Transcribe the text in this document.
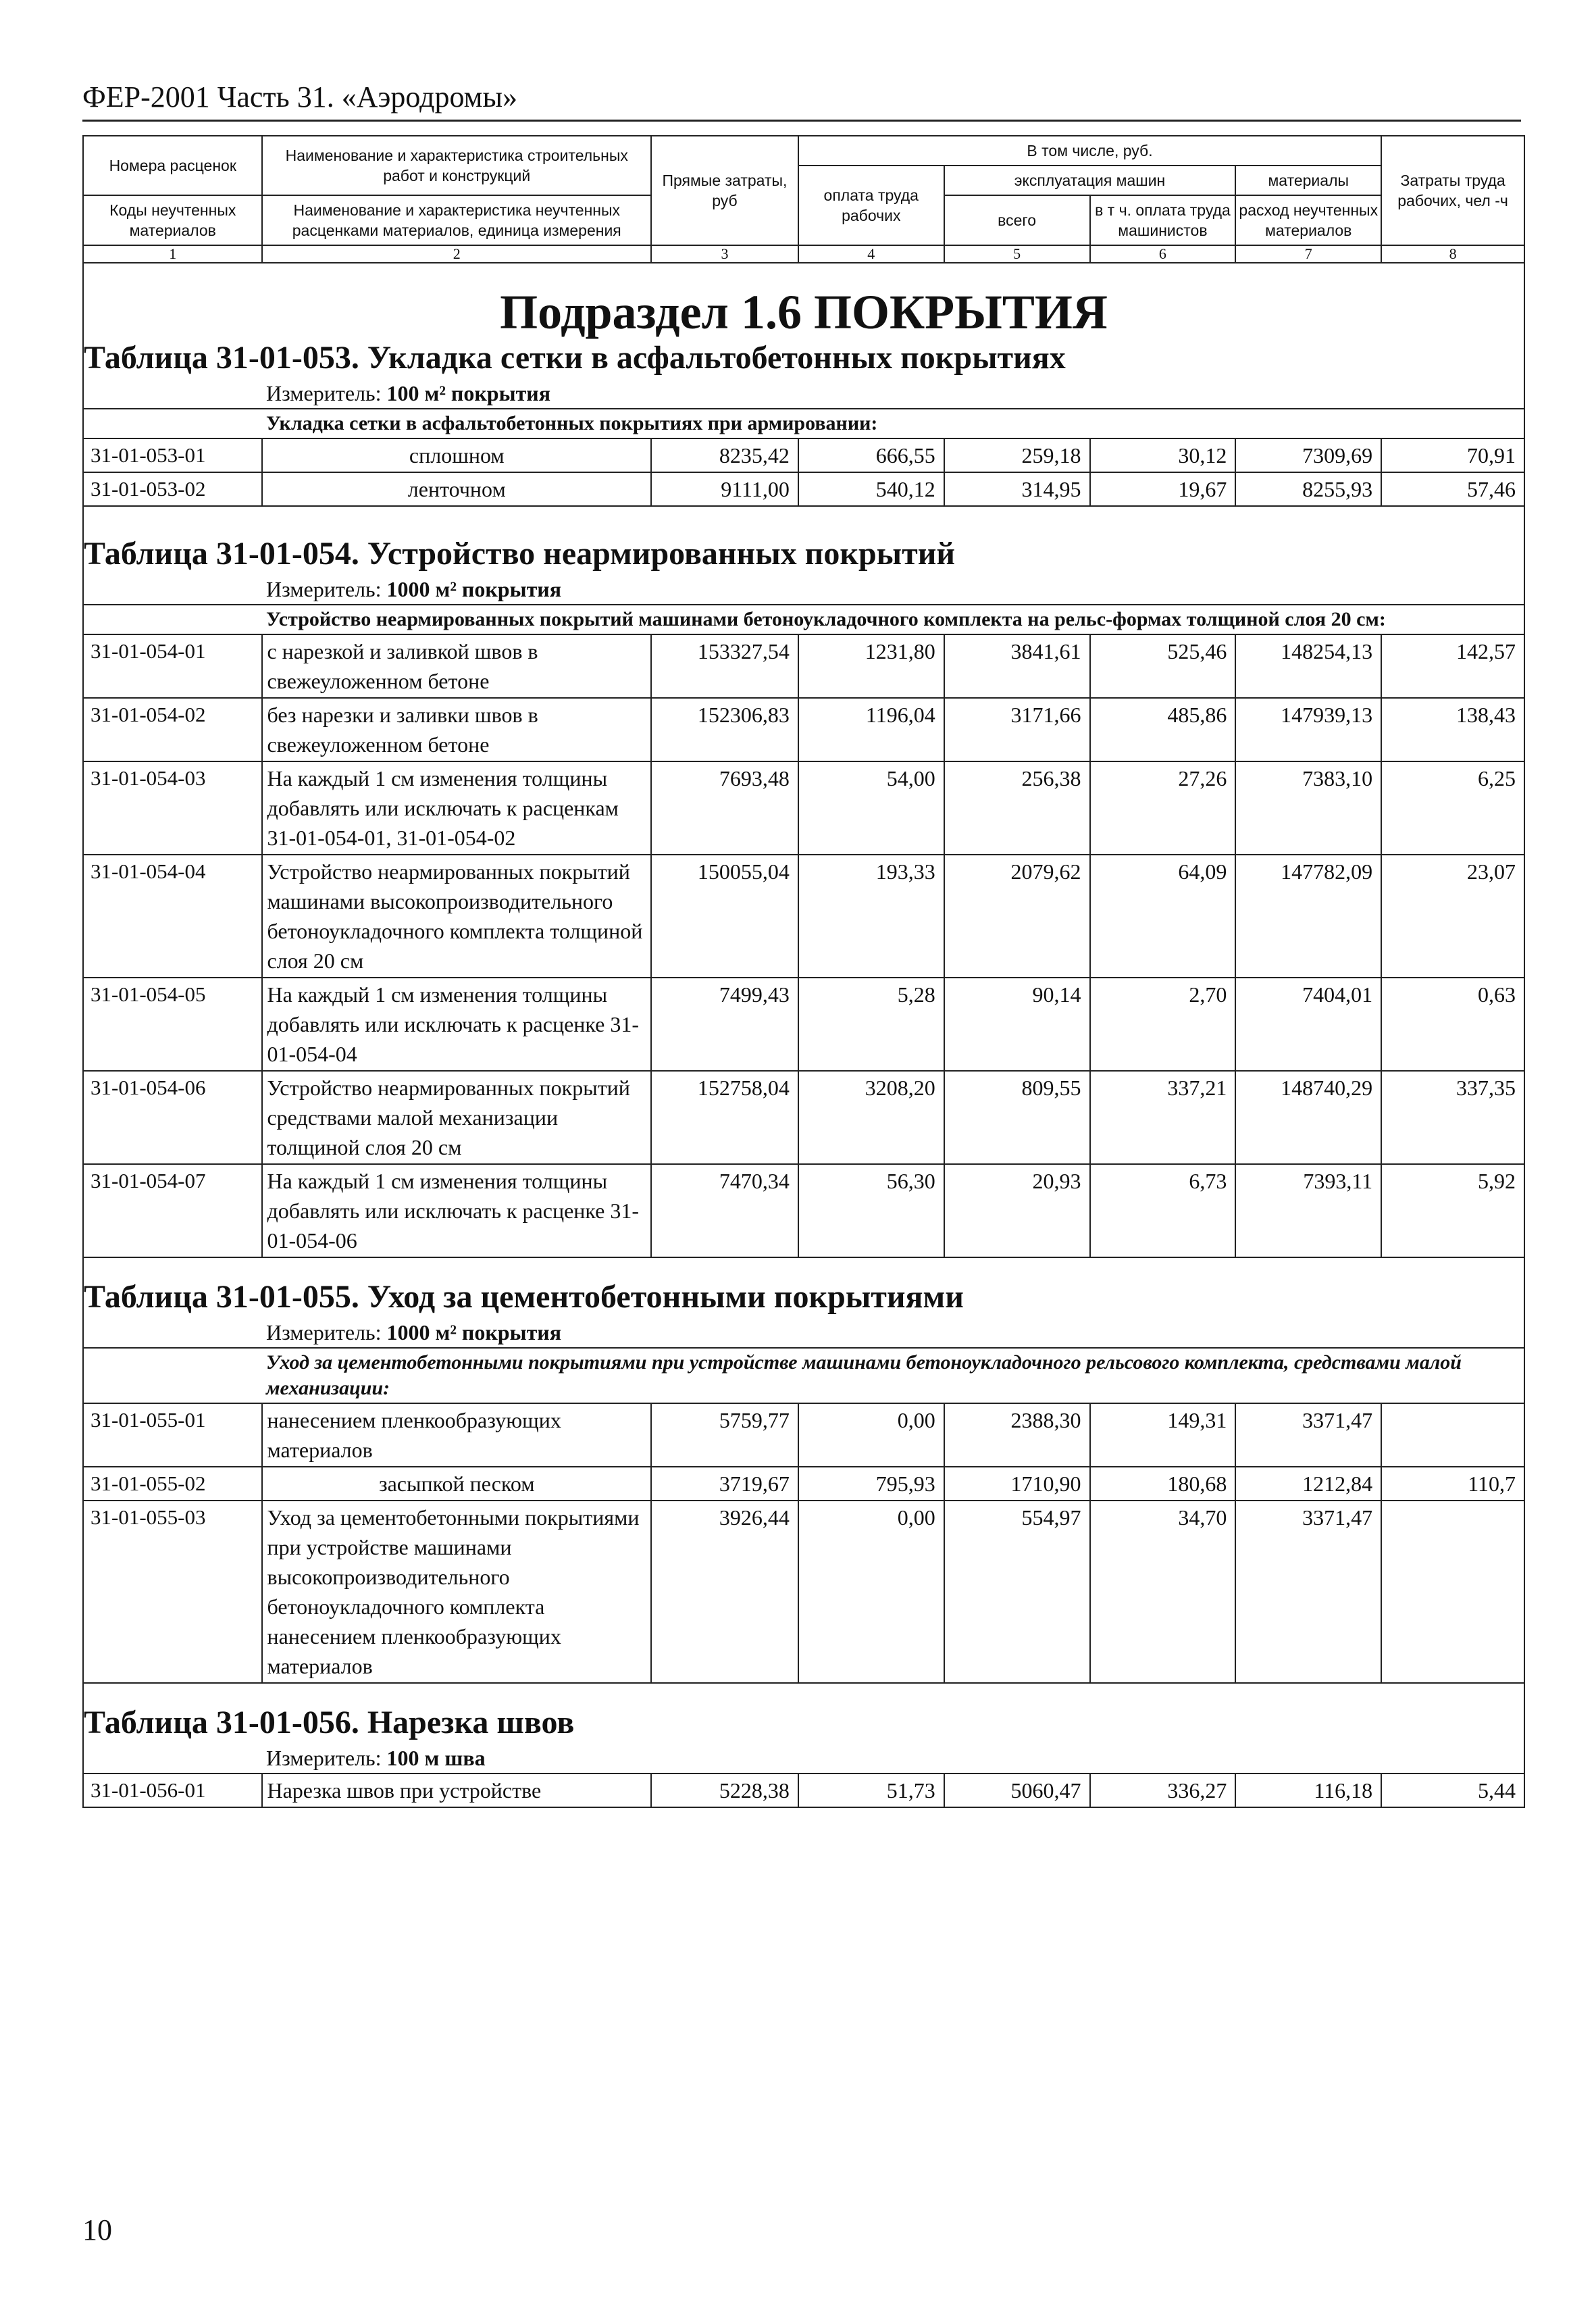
ФЕР-2001 Часть 31. «Аэродромы»
Номера расценок	Наименование и характеристика строительных работ и конструкций	Прямые затраты, руб	В том числе, руб.				Затраты труда рабочих, чел -ч
			оплата труда рабочих	эксплуатация машин		материалы	
Коды неучтенных материалов	Наименование и характеристика неучтенных расценками материалов, единица измерения			всего	в т ч. оплата труда машинистов	расход неучтенных материалов	

1	2	3	4	5	6	7	8
Подраздел 1.6 ПОКРЫТИЯ							
Таблица 31-01-053. Укладка сетки в асфальтобетонных покрытиях							
Измеритель: 100 м² покрытия							
Укладка сетки в асфальтобетонных покрытиях при армировании:							
31-01-053-01	сплошном	8235,42	666,55	259,18	30,12	7309,69	70,91
31-01-053-02	ленточном	9111,00	540,12	314,95	19,67	8255,93	57,46

Таблица 31-01-054. Устройство неармированных покрытий							
Измеритель: 1000 м² покрытия							
Устройство неармированных покрытий машинами бетоноукладочного комплекта на рельс-формах толщиной слоя 20 см:							
31-01-054-01	с нарезкой и заливкой швов в свежеуложенном бетоне	153327,54	1231,80	3841,61	525,46	148254,13	142,57
31-01-054-02	без нарезки и заливки швов в свежеуложенном бетоне	152306,83	1196,04	3171,66	485,86	147939,13	138,43
31-01-054-03	На каждый 1 см изменения толщины добавлять или исключать к расценкам 31-01-054-01, 31-01-054-02	7693,48	54,00	256,38	27,26	7383,10	6,25
31-01-054-04	Устройство неармированных покрытий машинами высокопроизводительного бетоноукладочного комплекта толщиной слоя 20 см	150055,04	193,33	2079,62	64,09	147782,09	23,07
31-01-054-05	На каждый 1 см изменения толщины добавлять или исключать к расценке 31-01-054-04	7499,43	5,28	90,14	2,70	7404,01	0,63
31-01-054-06	Устройство неармированных покрытий средствами малой механизации толщиной слоя 20 см	152758,04	3208,20	809,55	337,21	148740,29	337,35
31-01-054-07	На каждый 1 см изменения толщины добавлять или исключать к расценке 31-01-054-06	7470,34	56,30	20,93	6,73	7393,11	5,92

Таблица 31-01-055. Уход за цементобетонными покрытиями							
Измеритель: 1000 м² покрытия							
Уход за цементобетонными покрытиями при устройстве машинами бетоноукладочного рельсового комплекта, средствами малой механизации:							
31-01-055-01	нанесением пленкообразующих материалов	5759,77	0,00	2388,30	149,31	3371,47	
31-01-055-02	засыпкой песком	3719,67	795,93	1710,90	180,68	1212,84	110,7
31-01-055-03	Уход за цементобетонными покрытиями при устройстве машинами высокопроизводительного бетоноукладочного комплекта нанесением пленкообразующих материалов	3926,44	0,00	554,97	34,70	3371,47	

Таблица 31-01-056. Нарезка швов							
Измеритель: 100 м шва							
31-01-056-01	Нарезка швов при устройстве	5228,38	51,73	5060,47	336,27	116,18	5,44
10
